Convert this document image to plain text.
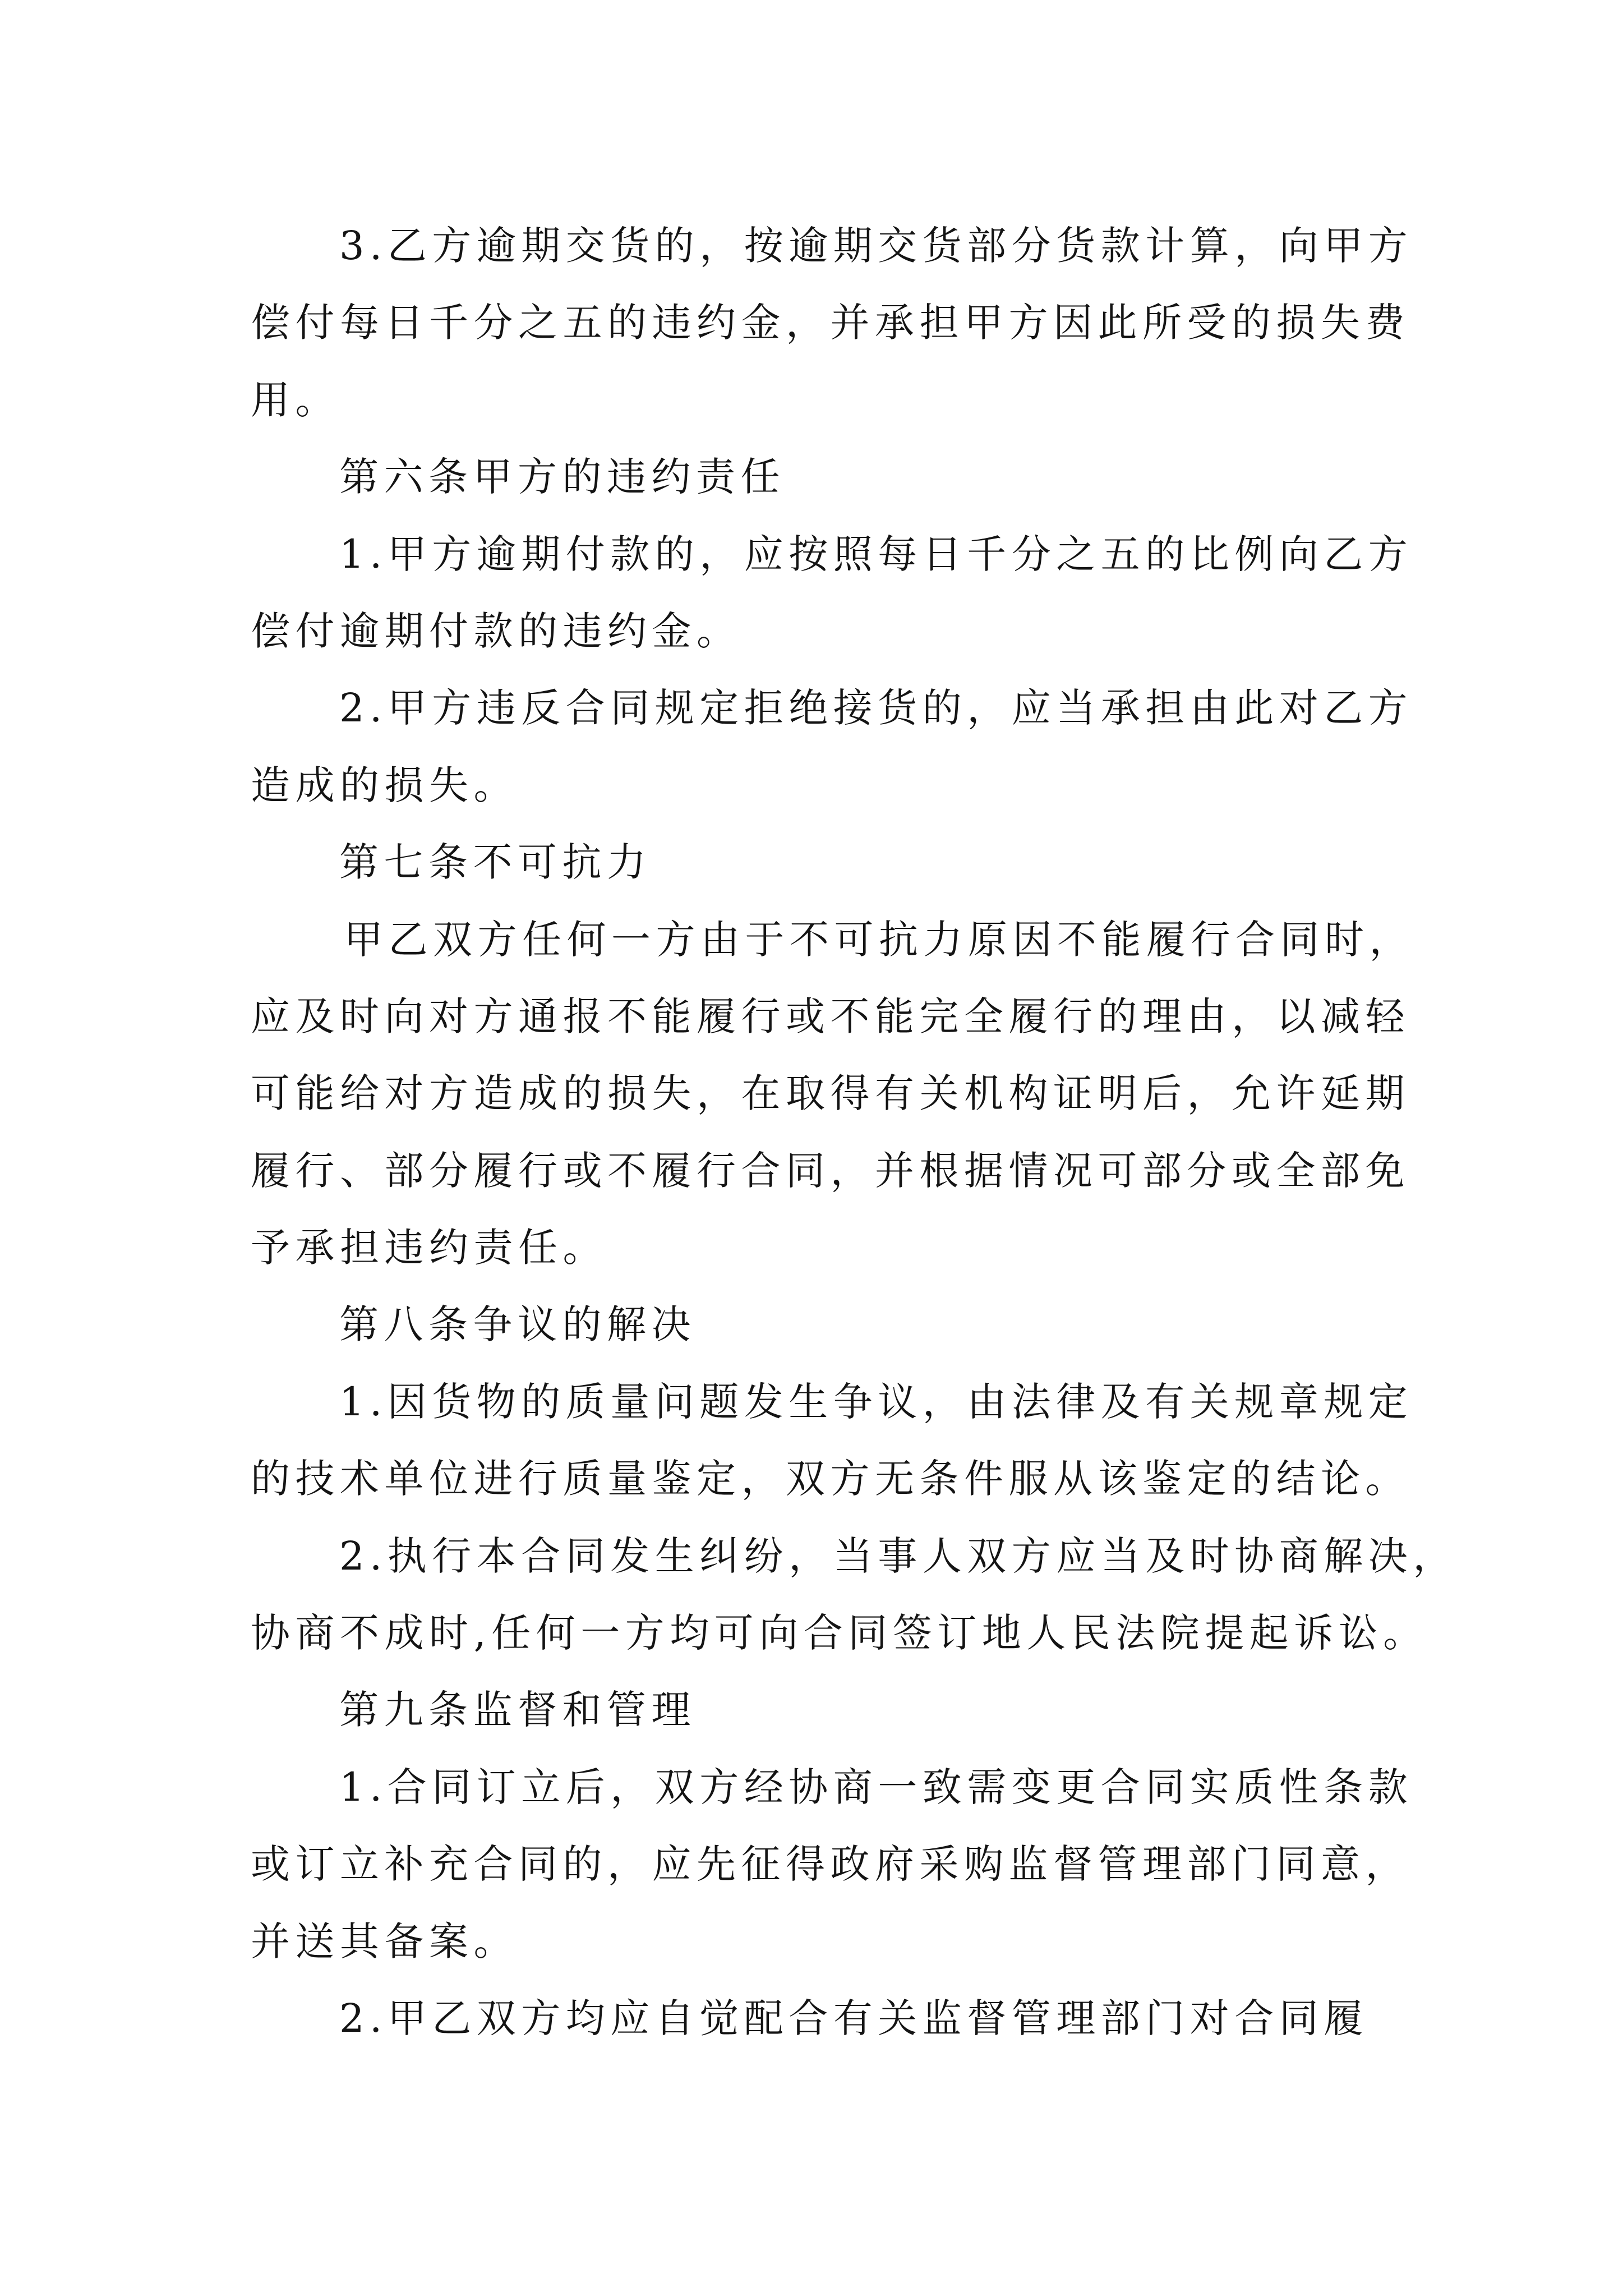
3.乙方逾期交货的，按逾期交货部分货款计算，向甲方
偿付每日千分之五的违约金，并承担甲方因此所受的损失费
用。
第六条甲方的违约责任
1.甲方逾期付款的，应按照每日千分之五的比例向乙方
偿付逾期付款的违约金。
2.甲方违反合同规定拒绝接货的，应当承担由此对乙方
造成的损失。
第七条不可抗力
甲乙双方任何一方由于不可抗力原因不能履行合同时，
应及时向对方通报不能履行或不能完全履行的理由，以减轻
可能给对方造成的损失，在取得有关机构证明后，允许延期
履行、部分履行或不履行合同，并根据情况可部分或全部免
予承担违约责任。
第八条争议的解决
1.因货物的质量问题发生争议，由法律及有关规章规定
的技术单位进行质量鉴定，双方无条件服从该鉴定的结论。
2.执行本合同发生纠纷，当事人双方应当及时协商解决，
协商不成时,任何一方均可向合同签订地人民法院提起诉讼。
第九条监督和管理
1.合同订立后，双方经协商一致需变更合同实质性条款
或订立补充合同的，应先征得政府采购监督管理部门同意，
并送其备案。
2.甲乙双方均应自觉配合有关监督管理部门对合同履
